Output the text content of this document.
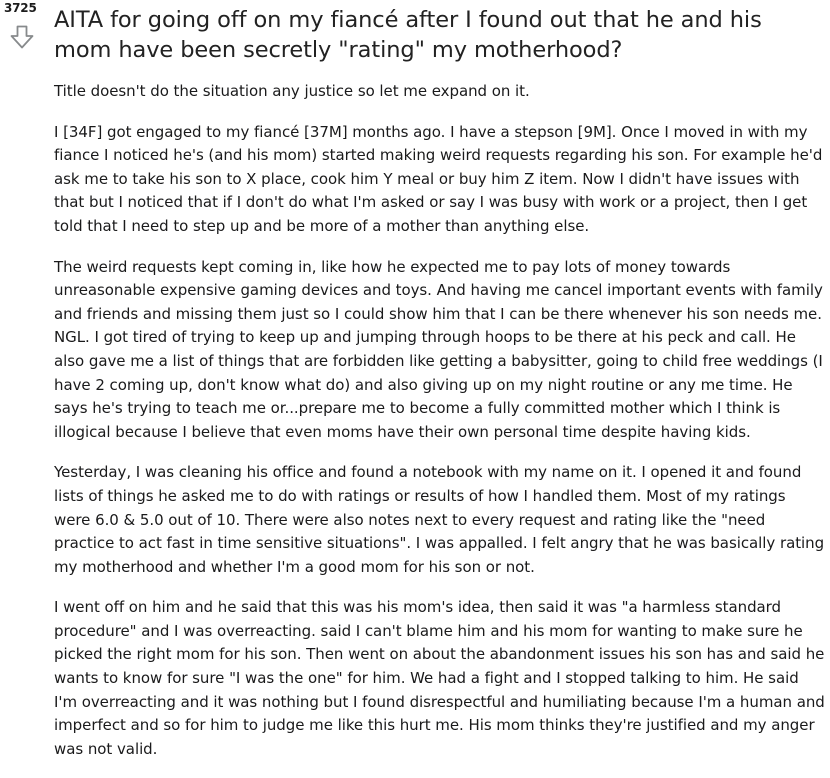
3725 AITA for going off on my fiancé after I found out that he and his mom have been secretly "rating" my motherhood?

Title doesn't do the situation any justice so let me expand on it.

I [34F] got engaged to my fiancé [37M] months ago. I have a stepson [9M]. Once I moved in with my fiance I noticed he's (and his mom) started making weird requests regarding his son. For example he'd ask me to take his son to X place, cook him Y meal or buy him Z item. Now I didn't have issues with that but I noticed that if I don't do what I'm asked or say I was busy with work or a project, then I get told that I need to step up and be more of a mother than anything else.

The weird requests kept coming in, like how he expected me to pay lots of money towards unreasonable expensive gaming devices and toys. And having me cancel important events with family and friends and missing them just so I could show him that I can be there whenever his son needs me. NGL. I got tired of trying to keep up and jumping through hoops to be there at his peck and call. He also gave me a list of things that are forbidden like getting a babysitter, going to child free weddings (I have 2 coming up, don't know what do) and also giving up on my night routine or any me time. He says he's trying to teach me or...prepare me to become a fully committed mother which I think is illogical because I believe that even moms have their own personal time despite having kids.

Yesterday, I was cleaning his office and found a notebook with my name on it. I opened it and found lists of things he asked me to do with ratings or results of how I handled them. Most of my ratings were 6.0 & 5.0 out of 10. There were also notes next to every request and rating like the "need practice to act fast in time sensitive situations". I was appalled. I felt angry that he was basically rating my motherhood and whether I'm a good mom for his son or not.

I went off on him and he said that this was his mom's idea, then said it was "a harmless standard procedure" and I was overreacting. said I can't blame him and his mom for wanting to make sure he picked the right mom for his son. Then went on about the abandonment issues his son has and said he wants to know for sure "I was the one" for him. We had a fight and I stopped talking to him. He said I'm overreacting and it was nothing but I found disrespectful and humiliating because I'm a human and imperfect and so for him to judge me like this hurt me. His mom thinks they're justified and my anger was not valid.
